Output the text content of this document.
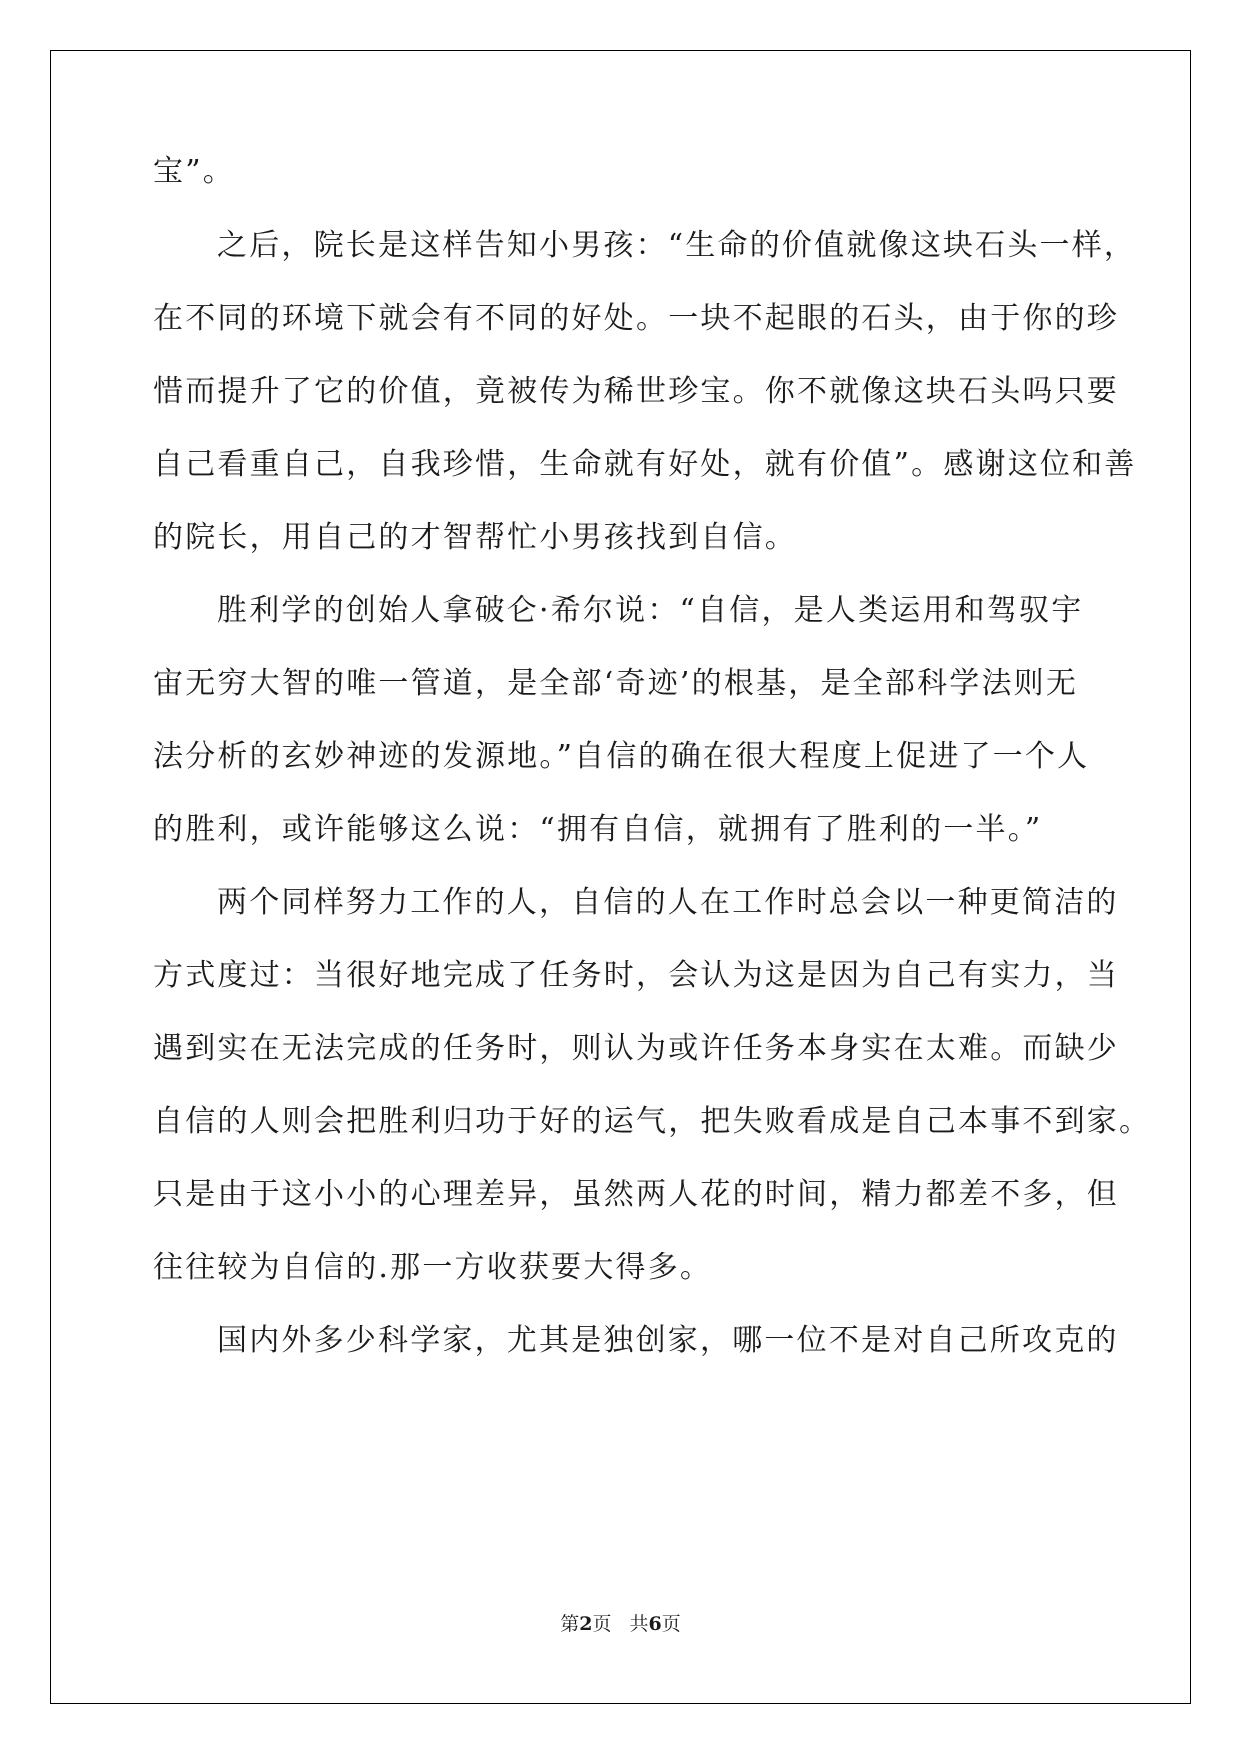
宝”。
之后，院长是这样告知小男孩：“生命的价值就像这块石头一样，
在不同的环境下就会有不同的好处。一块不起眼的石头，由于你的珍
惜而提升了它的价值，竟被传为稀世珍宝。你不就像这块石头吗只要
自己看重自己，自我珍惜，生命就有好处，就有价值”。感谢这位和善
的院长，用自己的才智帮忙小男孩找到自信。
胜利学的创始人拿破仑·希尔说：“自信，是人类运用和驾驭宇
宙无穷大智的唯一管道，是全部‘奇迹’的根基，是全部科学法则无
法分析的玄妙神迹的发源地。”自信的确在很大程度上促进了一个人
的胜利，或许能够这么说：“拥有自信，就拥有了胜利的一半。”
两个同样努力工作的人，自信的人在工作时总会以一种更简洁的
方式度过：当很好地完成了任务时，会认为这是因为自己有实力，当
遇到实在无法完成的任务时，则认为或许任务本身实在太难。而缺少
自信的人则会把胜利归功于好的运气，把失败看成是自己本事不到家。
只是由于这小小的心理差异，虽然两人花的时间，精力都差不多，但
往往较为自信的.那一方收获要大得多。
国内外多少科学家，尤其是独创家，哪一位不是对自己所攻克的
第2页 共6页
